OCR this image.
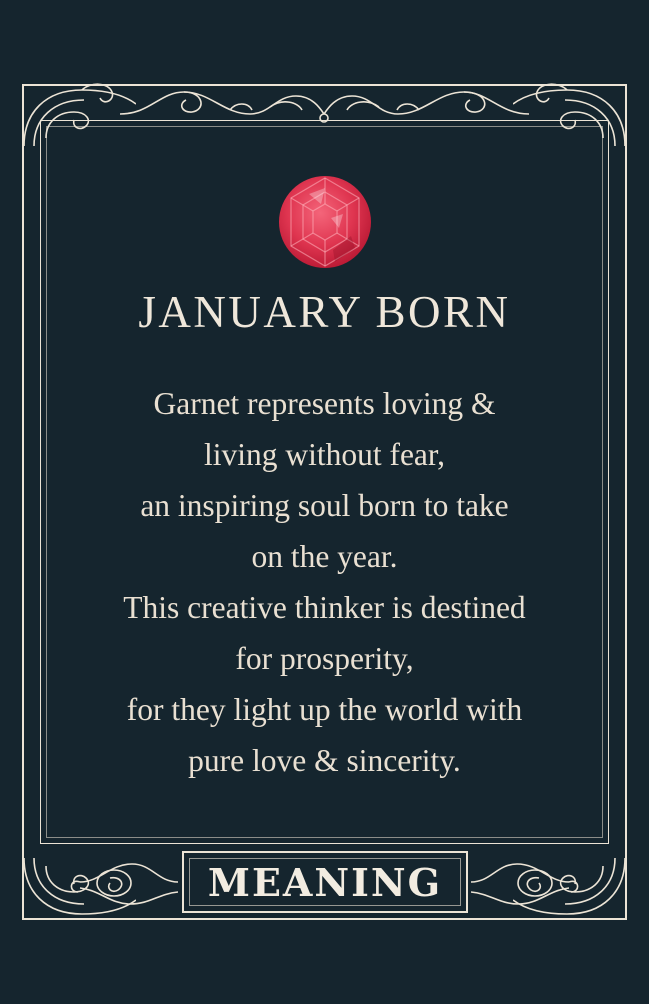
JANUARY BORN
Garnet represents loving &
living without fear,
an inspiring soul born to take
on the year.
This creative thinker is destined
for prosperity,
for they light up the world with
pure love & sincerity.
MEANING
